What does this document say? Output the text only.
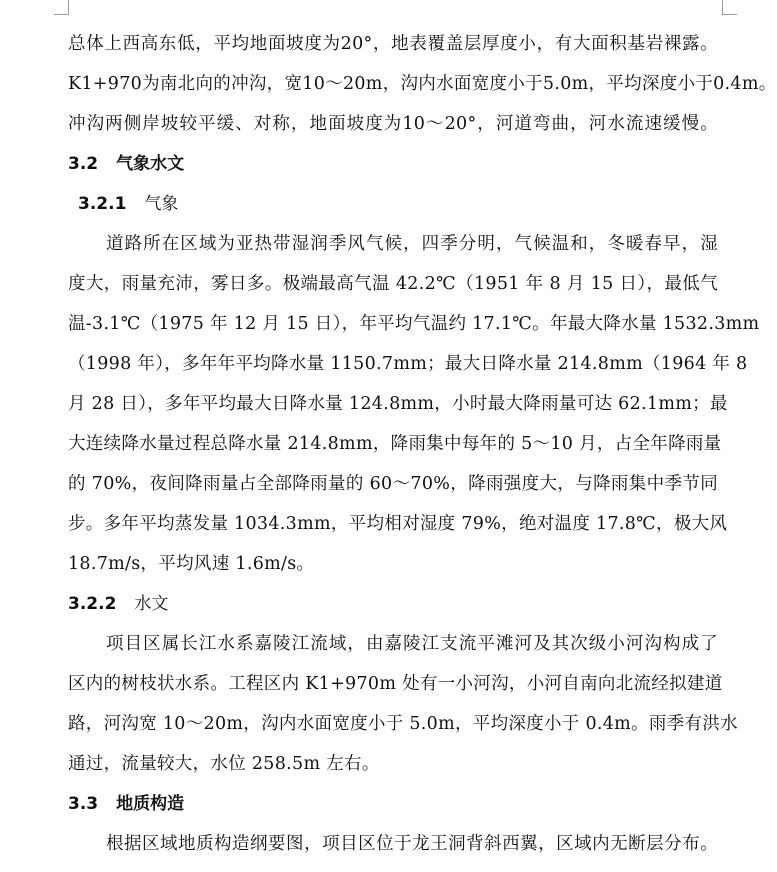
总体上西高东低，平均地面坡度为20°，地表覆盖层厚度小，有大面积基岩裸露。
K1+970为南北向的冲沟，宽10～20m，沟内水面宽度小于5.0m，平均深度小于0.4m。
冲沟两侧岸坡较平缓、对称，地面坡度为10～20°，河道弯曲，河水流速缓慢。
3.2 气象水文
3.2.1 气象
道路所在区域为亚热带湿润季风气候，四季分明，气候温和，冬暖春早，湿
度大，雨量充沛，雾日多。极端最高气温 42.2℃（1951 年 8 月 15 日），最低气
温-3.1℃（1975 年 12 月 15 日），年平均气温约 17.1℃。年最大降水量 1532.3mm
（1998 年），多年年平均降水量 1150.7mm；最大日降水量 214.8mm（1964 年 8
月 28 日），多年平均最大日降水量 124.8mm，小时最大降雨量可达 62.1mm；最
大连续降水量过程总降水量 214.8mm，降雨集中每年的 5～10 月，占全年降雨量
的 70%，夜间降雨量占全部降雨量的 60～70%，降雨强度大，与降雨集中季节同
步。多年平均蒸发量 1034.3mm，平均相对湿度 79%，绝对温度 17.8℃，极大风
18.7m/s，平均风速 1.6m/s。
3.2.2 水文
项目区属长江水系嘉陵江流域，由嘉陵江支流平滩河及其次级小河沟构成了
区内的树枝状水系。工程区内 K1+970m 处有一小河沟，小河自南向北流经拟建道
路，河沟宽 10～20m，沟内水面宽度小于 5.0m，平均深度小于 0.4m。雨季有洪水
通过，流量较大，水位 258.5m 左右。
3.3 地质构造
根据区域地质构造纲要图，项目区位于龙王洞背斜西翼，区域内无断层分布。
